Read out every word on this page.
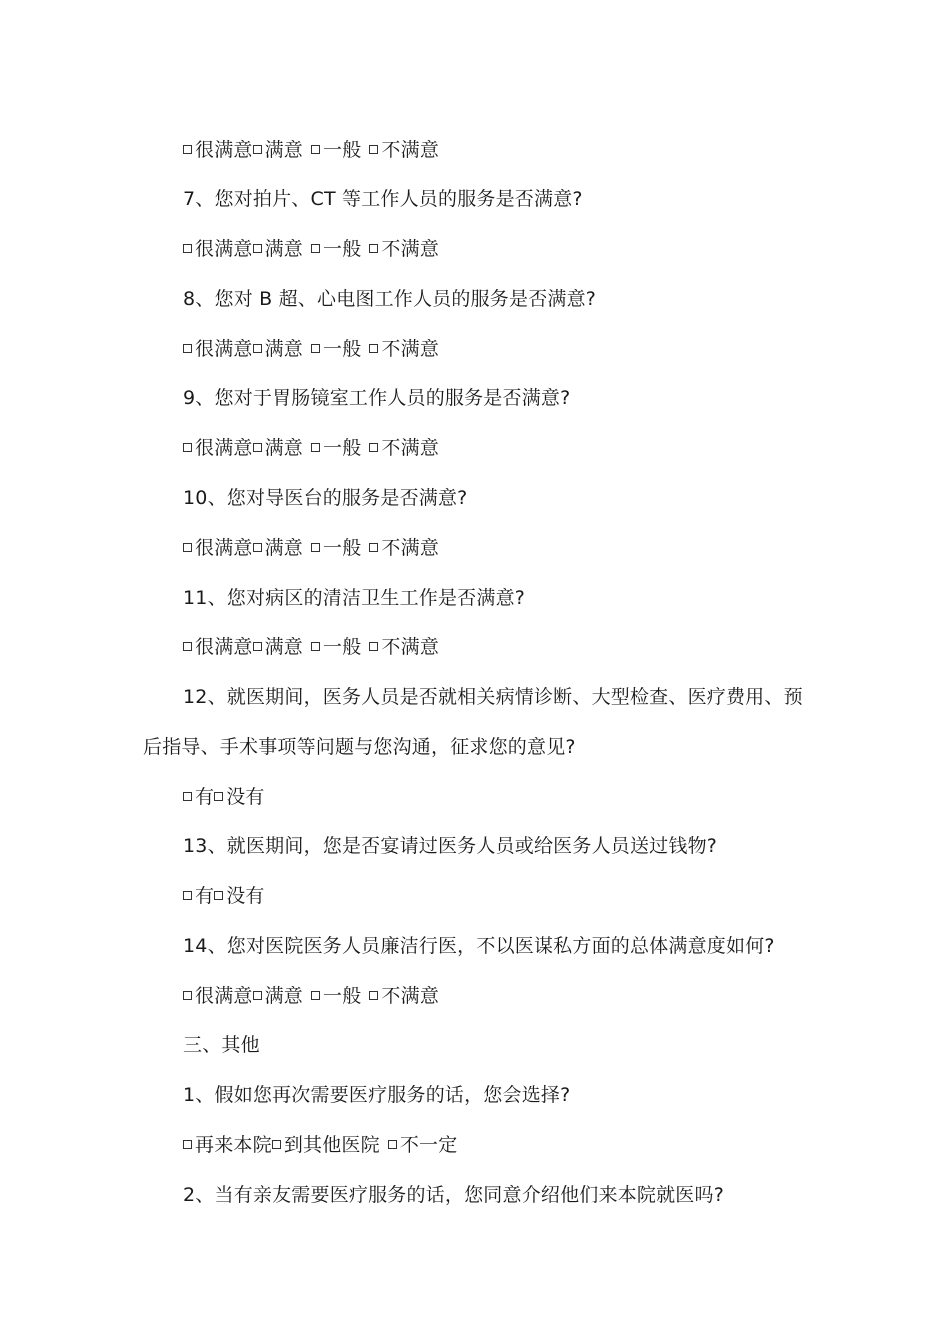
很满意 满意 一般 不满意
7、您对拍片、CT 等工作人员的服务是否满意?
很满意 满意 一般 不满意
8、您对 B 超、心电图工作人员的服务是否满意?
很满意 满意 一般 不满意
9、您对于胃肠镜室工作人员的服务是否满意?
很满意 满意 一般 不满意
10、您对导医台的服务是否满意?
很满意 满意 一般 不满意
11、您对病区的清洁卫生工作是否满意?
很满意 满意 一般 不满意
12、就医期间，医务人员是否就相关病情诊断、大型检查、医疗费用、预
后指导、手术事项等问题与您沟通，征求您的意见?
有 没有
13、就医期间，您是否宴请过医务人员或给医务人员送过钱物?
有 没有
14、您对医院医务人员廉洁行医，不以医谋私方面的总体满意度如何?
很满意 满意 一般 不满意
三、其他
1、假如您再次需要医疗服务的话，您会选择?
再来本院 到其他医院 不一定
2、当有亲友需要医疗服务的话，您同意介绍他们来本院就医吗?
